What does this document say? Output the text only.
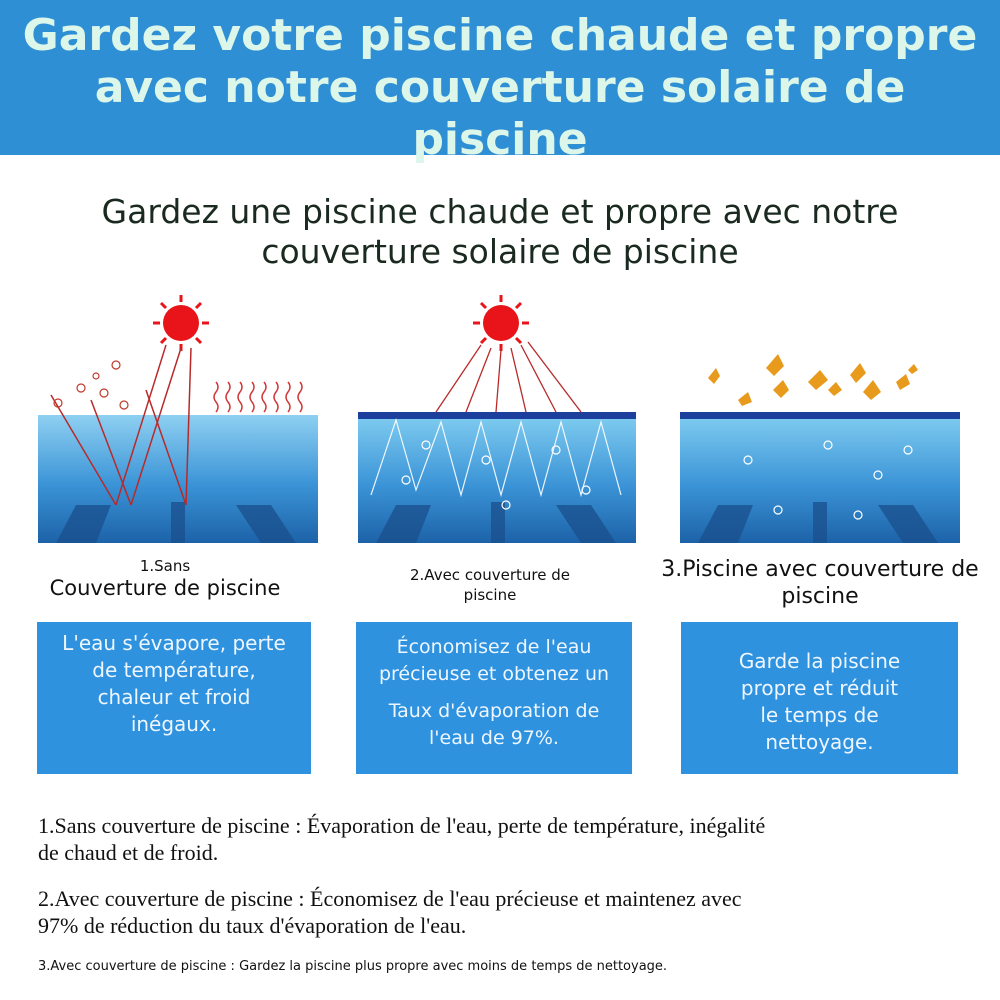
Gardez votre piscine chaude et propre
avec notre couverture solaire de piscine
Gardez une piscine chaude et propre avec notre
couverture solaire de piscine
1.Sans
Couverture de piscine
2.Avec couverture de
piscine
3.Piscine avec couverture de
piscine

L'eau s'évapore, perte

de température,

chaleur et froid

inégaux.

Économisez de l'eau

précieuse et obtenez un

Taux d'évaporation de

l'eau de 97%.

Garde la piscine

propre et réduit

le temps de

nettoyage.

1.Sans couverture de piscine : Évaporation de l'eau, perte de température, inégalité
de chaud et de froid.
2.Avec couverture de piscine : Économisez de l'eau précieuse et maintenez avec
97% de réduction du taux d'évaporation de l'eau.
3.Avec couverture de piscine : Gardez la piscine plus propre avec moins de temps de nettoyage.
